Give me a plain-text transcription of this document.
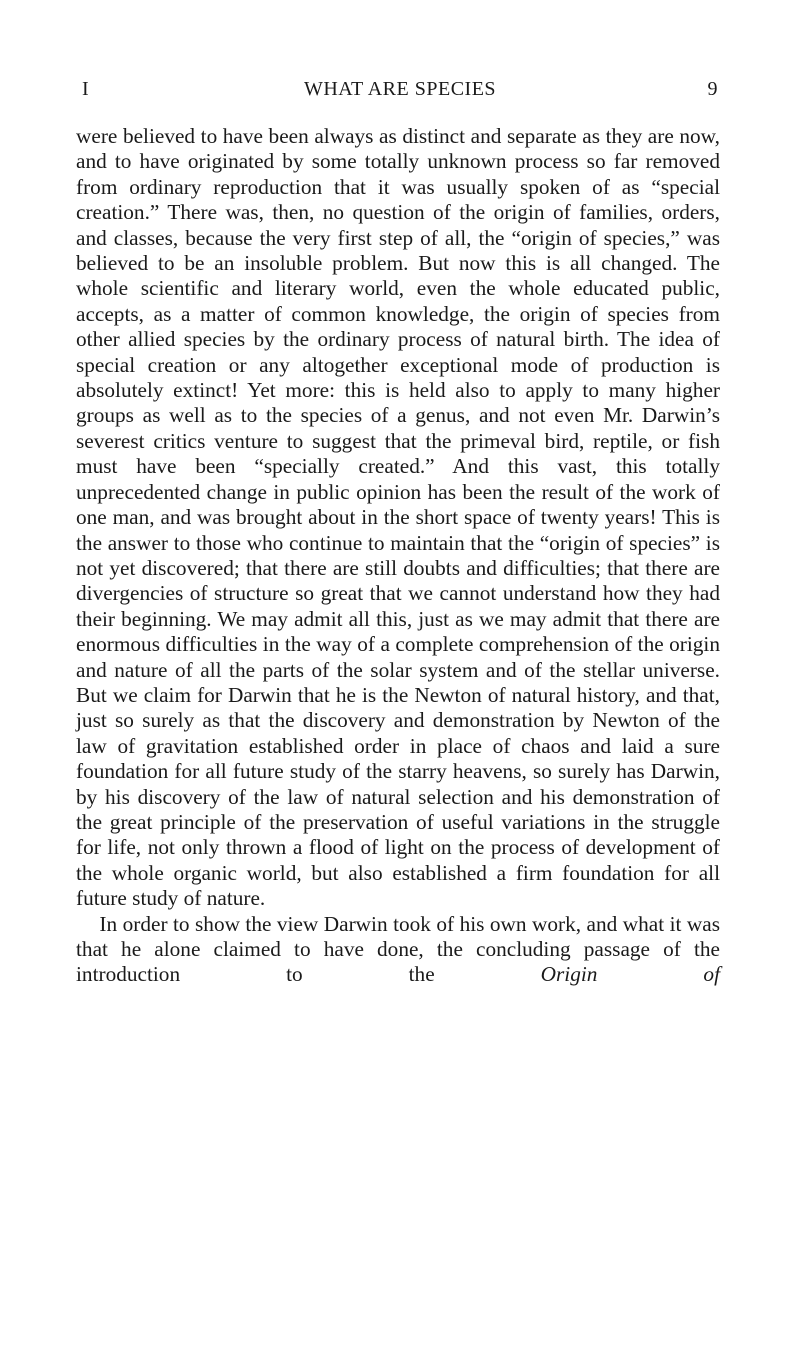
I	WHAT ARE SPECIES	9

were believed to have been always as distinct and separate as they are now, and to have originated by some totally unknown process so far removed from ordinary reproduction that it was usually spoken of as “special creation.” There was, then, no question of the origin of families, orders, and classes, because the very first step of all, the “origin of species,” was believed to be an insoluble problem. But now this is all changed. The whole scientific and literary world, even the whole educated public, accepts, as a matter of common knowledge, the origin of species from other allied species by the ordinary process of natural birth. The idea of special creation or any altogether exceptional mode of production is absolutely extinct! Yet more: this is held also to apply to many higher groups as well as to the species of a genus, and not even Mr. Darwin’s severest critics venture to suggest that the primeval bird, reptile, or fish must have been “specially created.” And this vast, this totally unprecedented change in public opinion has been the result of the work of one man, and was brought about in the short space of twenty years! This is the answer to those who continue to maintain that the “origin of species” is not yet discovered; that there are still doubts and difficulties; that there are divergencies of structure so great that we cannot understand how they had their beginning. We may admit all this, just as we may admit that there are enormous difficulties in the way of a complete comprehension of the origin and nature of all the parts of the solar system and of the stellar universe. But we claim for Darwin that he is the Newton of natural history, and that, just so surely as that the discovery and demonstration by Newton of the law of gravitation established order in place of chaos and laid a sure foundation for all future study of the starry heavens, so surely has Darwin, by his discovery of the law of natural selection and his demonstration of the great principle of the preservation of useful variations in the struggle for life, not only thrown a flood of light on the process of development of the whole organic world, but also established a firm foundation for all future study of nature.

In order to show the view Darwin took of his own work, and what it was that he alone claimed to have done, the concluding passage of the introduction to the	Origin of
